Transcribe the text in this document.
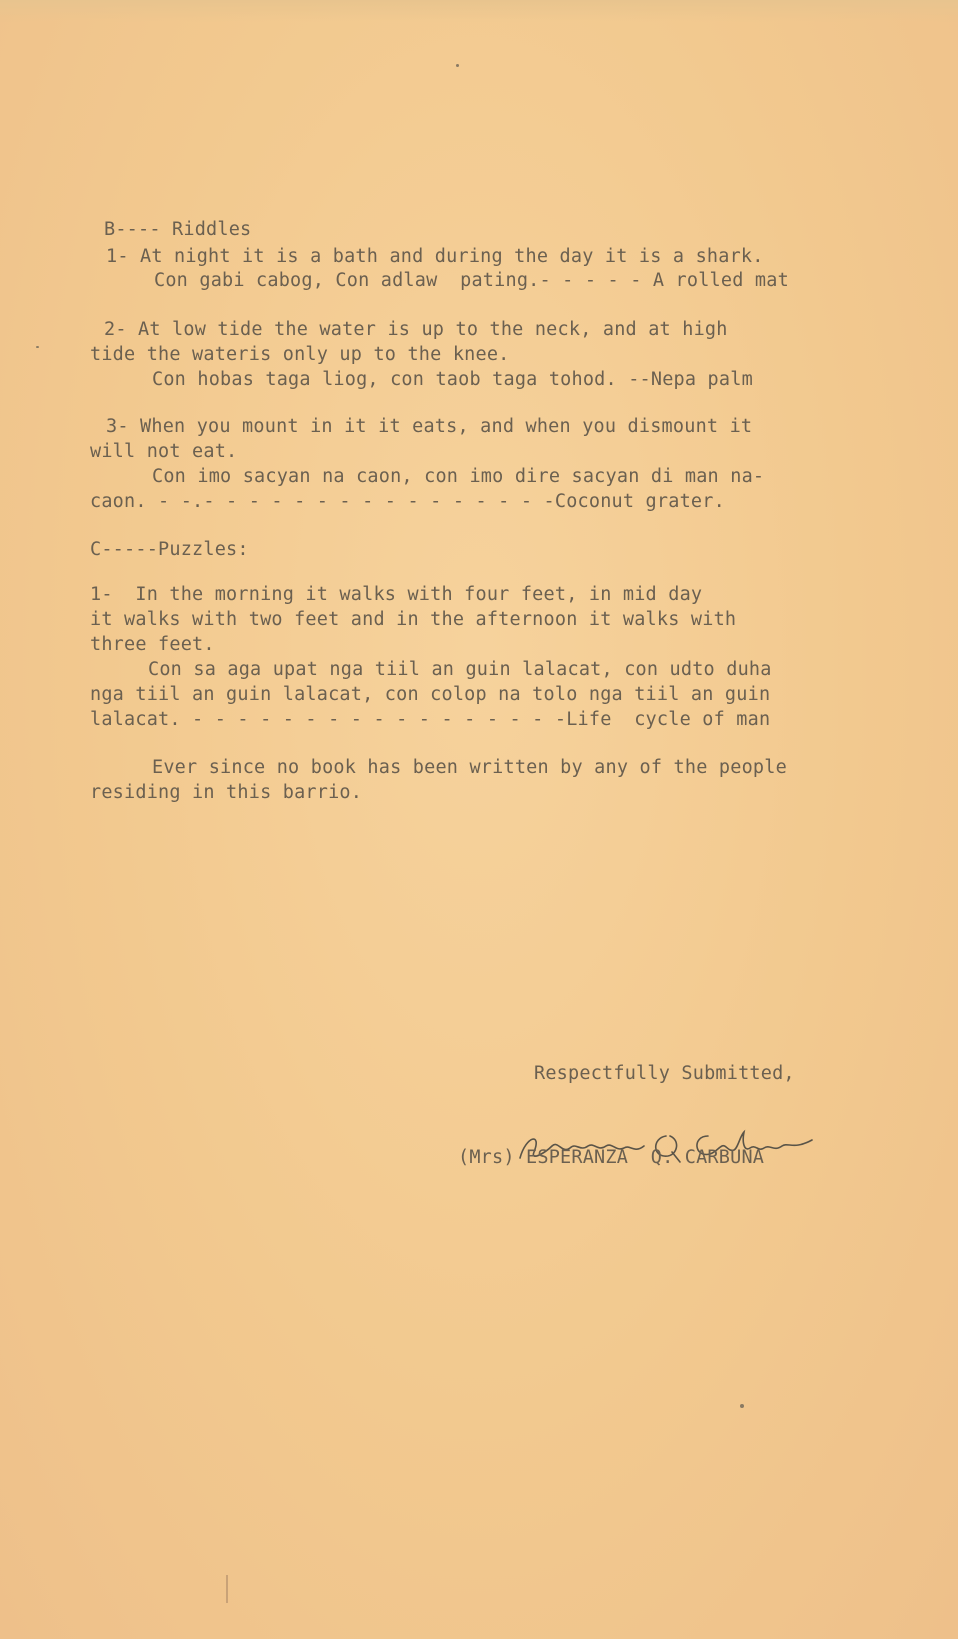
B---- Riddles
1- At night it is a bath and during the day it is a shark.
Con gabi cabog, Con adlaw  pating.- - - - - A rolled mat
2- At low tide the water is up to the neck, and at high
tide the wateris only up to the knee.
Con hobas taga liog, con taob taga tohod. --Nepa palm
3- When you mount in it it eats, and when you dismount it
will not eat.
Con imo sacyan na caon, con imo dire sacyan di man na-
caon. - -.- - - - - - - - - - - - - - - -Coconut grater.
C-----Puzzles:
1-  In the morning it walks with four feet, in mid day
it walks with two feet and in the afternoon it walks with
three feet.
Con sa aga upat nga tiil an guin lalacat, con udto duha
nga tiil an guin lalacat, con colop na tolo nga tiil an guin
lalacat. - - - - - - - - - - - - - - - - -Life  cycle of man
Ever since no book has been written by any of the people
residing in this barrio.
Respectfully Submitted,
(Mrs) ESPERANZA  Q. CARBUNA
